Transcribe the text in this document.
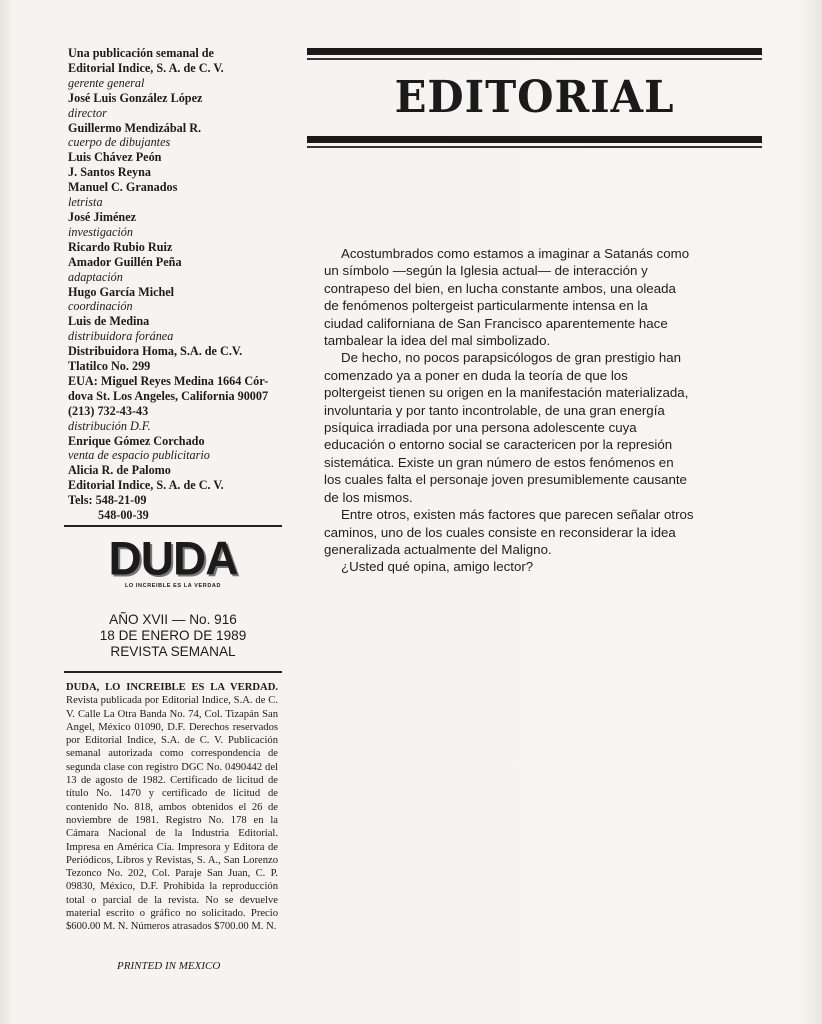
Una publicación semanal de
Editorial Indice, S. A. de C. V.
gerente general
José Luis González López
director
Guillermo Mendizábal R.
cuerpo de dibujantes
Luis Chávez Peón
J. Santos Reyna
Manuel C. Granados
letrista
José Jiménez
investigación
Ricardo Rubio Ruiz
Amador Guillén Peña
adaptación
Hugo García Michel
coordinación
Luis de Medina
distribuidora foránea
Distribuidora Homa, S.A. de C.V.
Tlatilco No. 299
EUA: Miguel Reyes Medina 1664 Cór-
dova St. Los Angeles, California 90007
(213) 732-43-43
distribución D.F.
Enrique Gómez Corchado
venta de espacio publicitario
Alicia R. de Palomo
Editorial Indice, S. A. de C. V.
Tels: 548-21-09
548-00-39
DUDA
LO INCREIBLE ES LA VERDAD
AÑO XVII — No. 916
18 DE ENERO DE 1989
REVISTA SEMANAL
DUDA, LO INCREIBLE ES LA VERDAD. Revista publicada por Editorial Indice, S.A. de C. V. Calle La Otra Banda No. 74, Col. Tizapán San Angel, México 01090, D.F. Derechos reservados por Editorial Indice, S.A. de C. V. Publicación semanal autorizada como correspondencia de segunda clase con registro DGC No. 0490442 del 13 de agosto de 1982. Certificado de licitud de título No. 1470 y certificado de licitud de contenido No. 818, ambos obtenidos el 26 de noviembre de 1981. Registro No. 178 en la Cámara Nacional de la Industria Editorial. Impresa en América Cía. Impresora y Editora de Periódicos, Libros y Revistas, S. A., San Lorenzo Tezonco No. 202, Col. Paraje San Juan, C. P. 09830, México, D.F. Prohibida la reproducción total o parcial de la revista. No se devuelve material escrito o gráfico no solicitado. Precio $600.00 M. N. Números atrasados $700.00 M. N.
PRINTED IN MEXICO
EDITORIAL
Acostumbrados como estamos a imaginar a Satanás como
un símbolo —según la Iglesia actual— de interacción y
contrapeso del bien, en lucha constante ambos, una oleada
de fenómenos poltergeist particularmente intensa en la
ciudad californiana de San Francisco aparentemente hace
tambalear la idea del mal simbolizado.
De hecho, no pocos parapsicólogos de gran prestigio han
comenzado ya a poner en duda la teoría de que los
poltergeist tienen su origen en la manifestación materializada,
involuntaria y por tanto incontrolable, de una gran energía
psíquica irradiada por una persona adolescente cuya
educación o entorno social se caractericen por la represión
sistemática. Existe un gran número de estos fenómenos en
los cuales falta el personaje joven presumiblemente causante
de los mismos.
Entre otros, existen más factores que parecen señalar otros
caminos, uno de los cuales consiste en reconsiderar la idea
generalizada actualmente del Maligno.
¿Usted qué opina, amigo lector?
